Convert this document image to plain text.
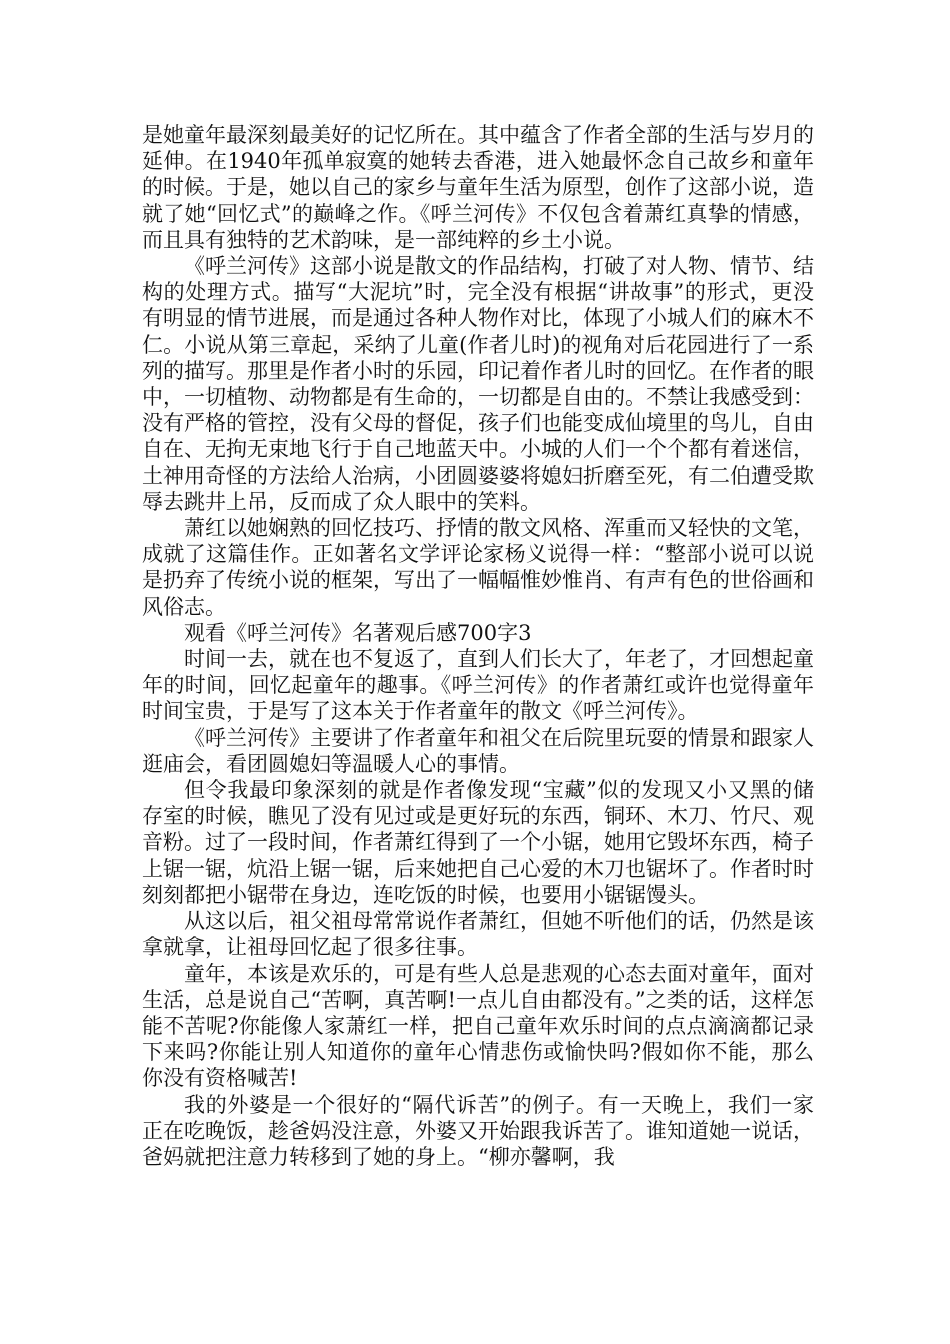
是她童年最深刻最美好的记忆所在。其中蕴含了作者全部的生活与岁月的延伸。在1940年孤单寂寞的她转去香港，进入她最怀念自己故乡和童年的时候。于是，她以自己的家乡与童年生活为原型，创作了这部小说，造就了她“回忆式”的巅峰之作。《呼兰河传》不仅包含着萧红真挚的情感，而且具有独特的艺术韵味，是一部纯粹的乡土小说。

《呼兰河传》这部小说是散文的作品结构，打破了对人物、情节、结构的处理方式。描写“大泥坑”时，完全没有根据“讲故事”的形式，更没有明显的情节进展，而是通过各种人物作对比，体现了小城人们的麻木不仁。小说从第三章起，采纳了儿童(作者儿时)的视角对后花园进行了一系列的描写。那里是作者小时的乐园，印记着作者儿时的回忆。在作者的眼中，一切植物、动物都是有生命的，一切都是自由的。不禁让我感受到：没有严格的管控，没有父母的督促，孩子们也能变成仙境里的鸟儿，自由自在、无拘无束地飞行于自己地蓝天中。小城的人们一个个都有着迷信，土神用奇怪的方法给人治病，小团圆婆婆将媳妇折磨至死，有二伯遭受欺辱去跳井上吊，反而成了众人眼中的笑料。

萧红以她娴熟的回忆技巧、抒情的散文风格、浑重而又轻快的文笔，成就了这篇佳作。正如著名文学评论家杨义说得一样：“整部小说可以说是扔弃了传统小说的框架，写出了一幅幅惟妙惟肖、有声有色的世俗画和风俗志。

观看《呼兰河传》名著观后感700字3

时间一去，就在也不复返了，直到人们长大了，年老了，才回想起童年的时间，回忆起童年的趣事。《呼兰河传》的作者萧红或许也觉得童年时间宝贵，于是写了这本关于作者童年的散文《呼兰河传》。

《呼兰河传》主要讲了作者童年和祖父在后院里玩耍的情景和跟家人逛庙会，看团圆媳妇等温暖人心的事情。

但令我最印象深刻的就是作者像发现“宝藏”似的发现又小又黑的储存室的时候，瞧见了没有见过或是更好玩的东西，铜环、木刀、竹尺、观音粉。过了一段时间，作者萧红得到了一个小锯，她用它毁坏东西，椅子上锯一锯，炕沿上锯一锯，后来她把自己心爱的木刀也锯坏了。作者时时刻刻都把小锯带在身边，连吃饭的时候，也要用小锯锯馒头。

从这以后，祖父祖母常常说作者萧红，但她不听他们的话，仍然是该拿就拿，让祖母回忆起了很多往事。

童年，本该是欢乐的，可是有些人总是悲观的心态去面对童年，面对生活，总是说自己“苦啊，真苦啊!一点儿自由都没有。”之类的话，这样怎能不苦呢?你能像人家萧红一样，把自己童年欢乐时间的点点滴滴都记录下来吗?你能让别人知道你的童年心情悲伤或愉快吗?假如你不能，那么你没有资格喊苦!

我的外婆是一个很好的“隔代诉苦”的例子。有一天晚上，我们一家正在吃晚饭，趁爸妈没注意，外婆又开始跟我诉苦了。谁知道她一说话，爸妈就把注意力转移到了她的身上。“柳亦馨啊，我
